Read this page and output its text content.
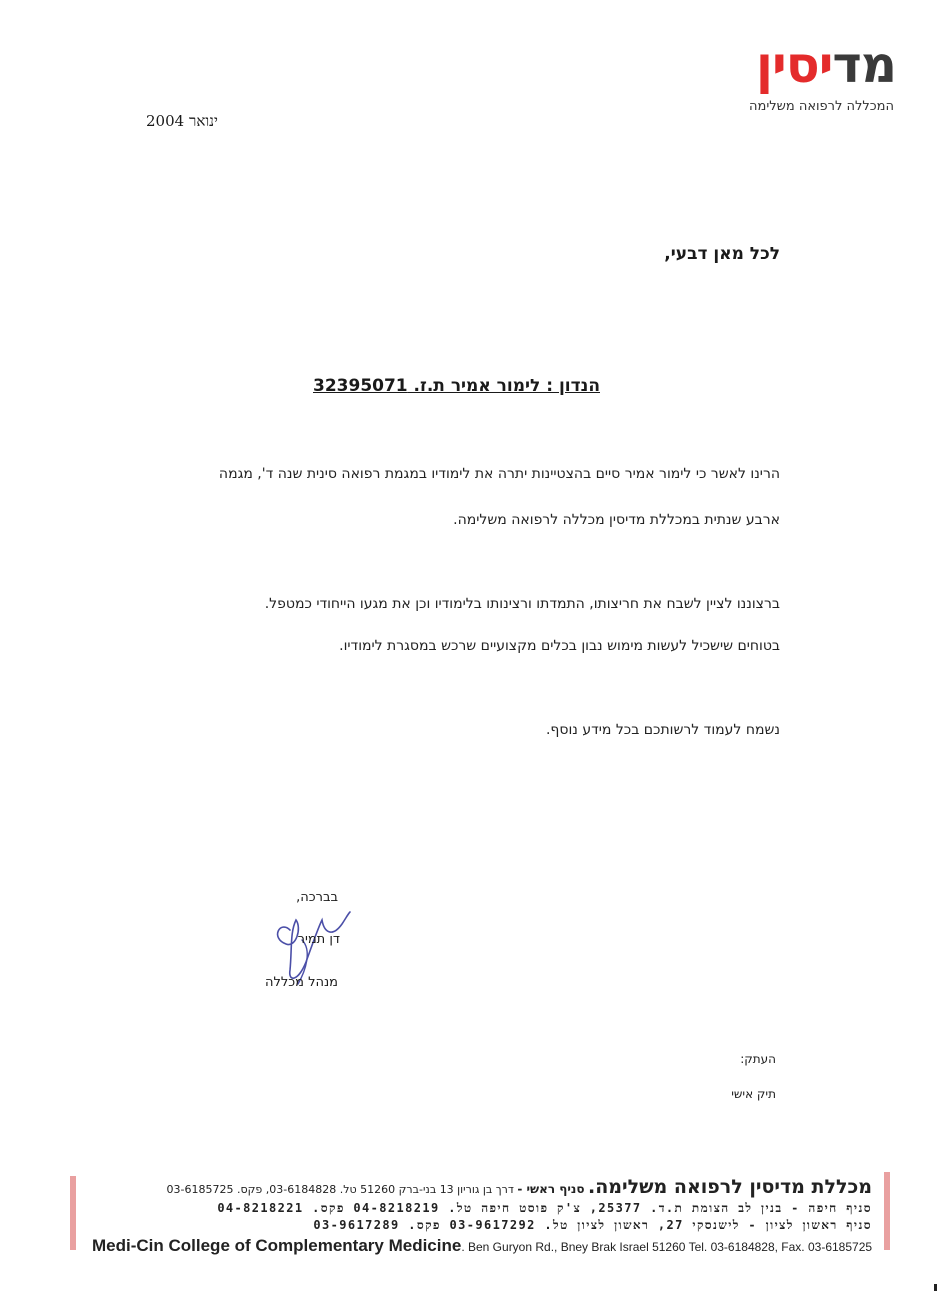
מדיסין
המכללה לרפואה משלימה
ינואר 2004
לכל מאן דבעי,
הנדון : לימור אמיר ת.ז. 32395071
הרינו לאשר כי לימור אמיר סיים בהצטיינות יתרה את לימודיו במגמת רפואה סינית שנה ד', מגמה
ארבע שנתית במכללת מדיסין מכללה לרפואה משלימה.
ברצוננו לציין לשבח את חריצותו, התמדתו ורצינותו בלימודיו וכן את מגעו הייחודי כמטפל.
בטוחים שישכיל לעשות מימוש נבון בכלים מקצועיים שרכש במסגרת לימודיו.
נשמח לעמוד לרשותכם בכל מידע נוסף.
בברכה,
דן תמיר
מנהל מכללה
העתק:
תיק אישי
מכללת מדיסין לרפואה משלימה. סניף ראשי - דרך בן גוריון 13 בני-ברק 51260 טל. 03-6184828, פקס. 03-6185725
סניף חיפה - בנין לב הצומת ת.ד. 25377, צ'ק פוסט חיפה טל. 04-8218219 פקס. 04-8218221
סניף ראשון לציון - לישנסקי 27, ראשון לציון טל. 03-9617292 פקס. 03-9617289
Medi-Cin College of Complementary Medicine. Ben Guryon Rd., Bney Brak Israel 51260 Tel. 03-6184828, Fax. 03-6185725
